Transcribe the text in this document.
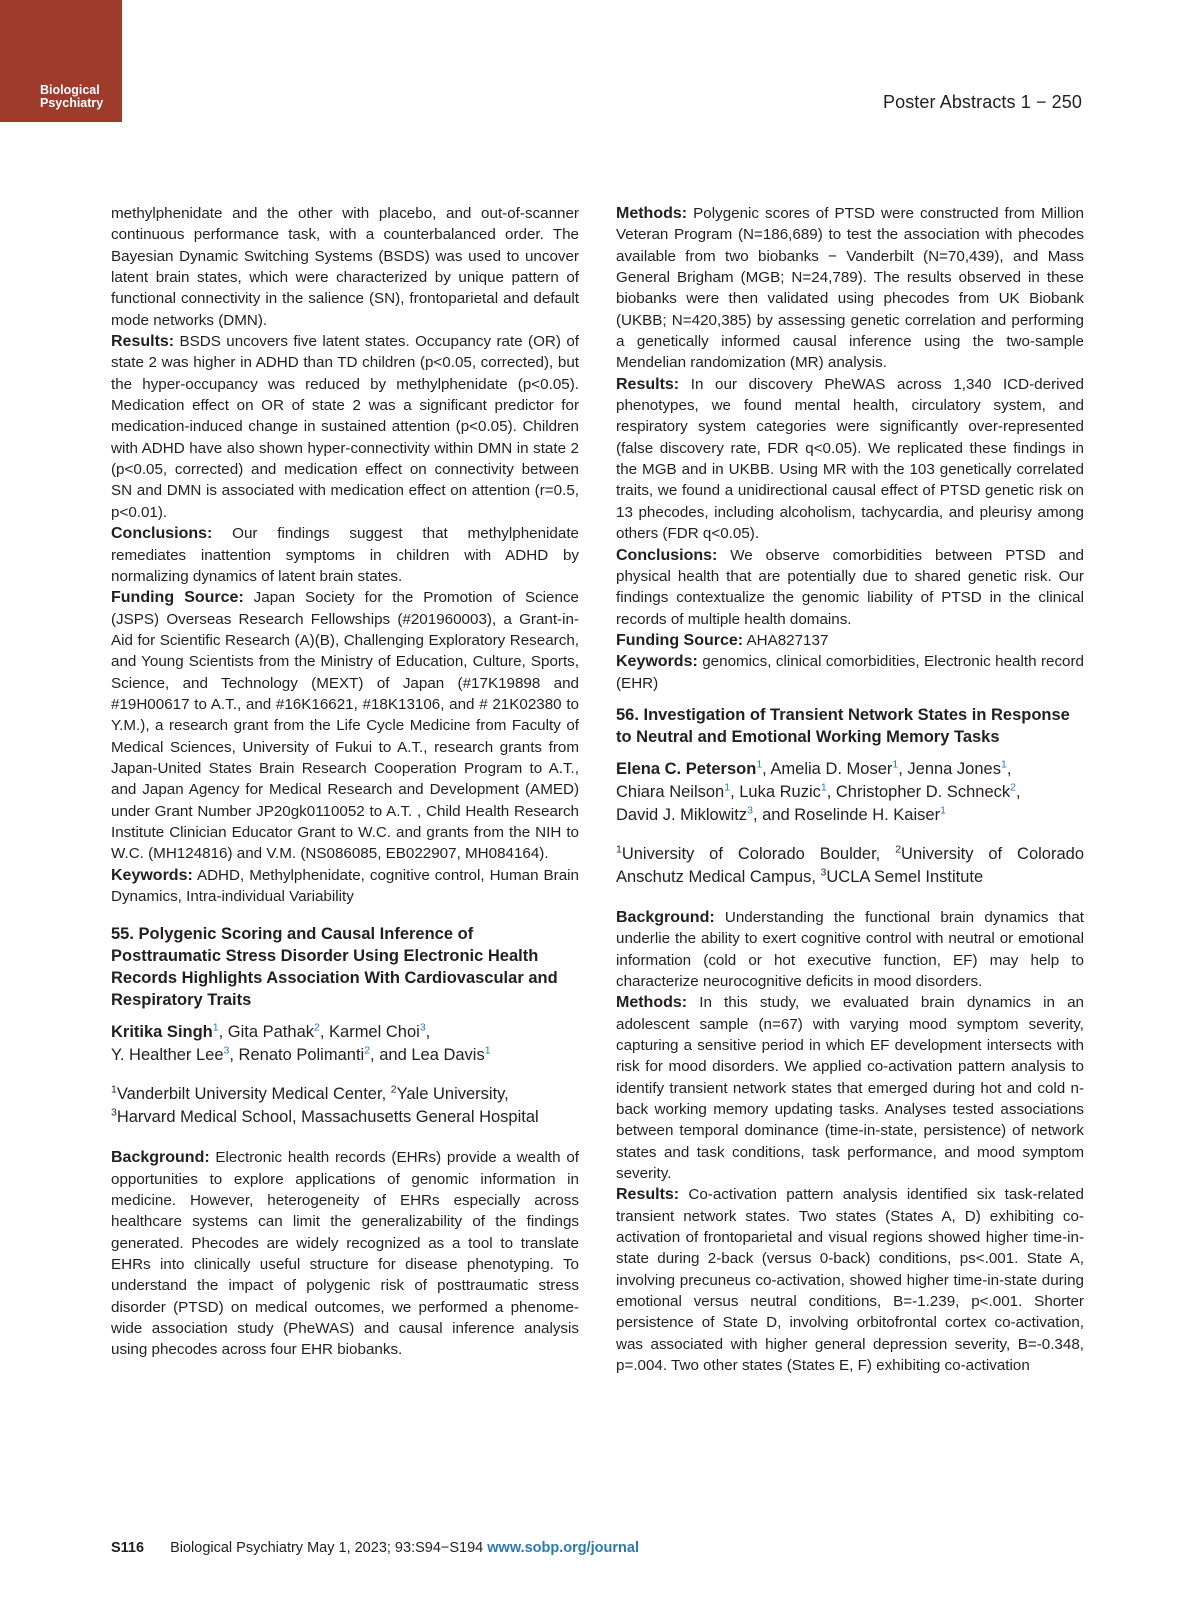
Biological
Psychiatry	Poster Abstracts 1 − 250

methylphenidate and the other with placebo, and out-of-scanner continuous performance task, with a counterbalanced order. The Bayesian Dynamic Switching Systems (BSDS) was used to uncover latent brain states, which were characterized by unique pattern of functional connectivity in the salience (SN), frontoparietal and default mode networks (DMN).

Results: BSDS uncovers five latent states. Occupancy rate (OR) of state 2 was higher in ADHD than TD children (p<0.05, corrected), but the hyper-occupancy was reduced by methylphenidate (p<0.05). Medication effect on OR of state 2 was a significant predictor for medication-induced change in sustained attention (p<0.05). Children with ADHD have also shown hyper-connectivity within DMN in state 2 (p<0.05, corrected) and medication effect on connectivity between SN and DMN is associated with medication effect on attention (r=0.5, p<0.01).

Conclusions: Our findings suggest that methylphenidate remediates inattention symptoms in children with ADHD by normalizing dynamics of latent brain states.

Funding Source: Japan Society for the Promotion of Science (JSPS) Overseas Research Fellowships (#201960003), a Grant-in-Aid for Scientific Research (A)(B), Challenging Exploratory Research, and Young Scientists from the Ministry of Education, Culture, Sports, Science, and Technology (MEXT) of Japan (#17K19898 and #19H00617 to A.T., and #16K16621, #18K13106, and # 21K02380 to Y.M.), a research grant from the Life Cycle Medicine from Faculty of Medical Sciences, University of Fukui to A.T., research grants from Japan-United States Brain Research Cooperation Program to A.T., and Japan Agency for Medical Research and Development (AMED) under Grant Number JP20gk0110052 to A.T. , Child Health Research Institute Clinician Educator Grant to W.C. and grants from the NIH to W.C. (MH124816) and V.M. (NS086085, EB022907, MH084164).

Keywords: ADHD, Methylphenidate, cognitive control, Human Brain Dynamics, Intra-individual Variability

55. Polygenic Scoring and Causal Inference of Posttraumatic Stress Disorder Using Electronic Health Records Highlights Association With Cardiovascular and Respiratory Traits
Kritika Singh$^1$, Gita Pathak$^2$, Karmel Choi$^3$,
Y. Healther Lee$^3$, Renato Polimanti$^2$, and Lea Davis$^1$
$^1$Vanderbilt University Medical Center, $^2$Yale University,
$^3$Harvard Medical School, Massachusetts General Hospital

Background: Electronic health records (EHRs) provide a wealth of opportunities to explore applications of genomic information in medicine. However, heterogeneity of EHRs especially across healthcare systems can limit the generalizability of the findings generated. Phecodes are widely recognized as a tool to translate EHRs into clinically useful structure for disease phenotyping. To understand the impact of polygenic risk of posttraumatic stress disorder (PTSD) on medical outcomes, we performed a phenome-wide association study (PheWAS) and causal inference analysis using phecodes across four EHR biobanks.

Methods: Polygenic scores of PTSD were constructed from Million Veteran Program (N=186,689) to test the association with phecodes available from two biobanks − Vanderbilt (N=70,439), and Mass General Brigham (MGB; N=24,789). The results observed in these biobanks were then validated using phecodes from UK Biobank (UKBB; N=420,385) by assessing genetic correlation and performing a genetically informed causal inference using the two-sample Mendelian randomization (MR) analysis.

Results: In our discovery PheWAS across 1,340 ICD-derived phenotypes, we found mental health, circulatory system, and respiratory system categories were significantly over-represented (false discovery rate, FDR q<0.05). We replicated these findings in the MGB and in UKBB. Using MR with the 103 genetically correlated traits, we found a unidirectional causal effect of PTSD genetic risk on 13 phecodes, including alcoholism, tachycardia, and pleurisy among others (FDR q<0.05).

Conclusions: We observe comorbidities between PTSD and physical health that are potentially due to shared genetic risk. Our findings contextualize the genomic liability of PTSD in the clinical records of multiple health domains.

Funding Source: AHA827137

Keywords: genomics, clinical comorbidities, Electronic health record (EHR)

56. Investigation of Transient Network States in Response to Neutral and Emotional Working Memory Tasks
Elena C. Peterson$^1$, Amelia D. Moser$^1$, Jenna Jones$^1$,
Chiara Neilson$^1$, Luka Ruzic$^1$, Christopher D. Schneck$^2$,
David J. Miklowitz$^3$, and Roselinde H. Kaiser$^1$
$^1$University of Colorado Boulder, $^2$University of Colorado Anschutz Medical Campus, $^3$UCLA Semel Institute

Background: Understanding the functional brain dynamics that underlie the ability to exert cognitive control with neutral or emotional information (cold or hot executive function, EF) may help to characterize neurocognitive deficits in mood disorders.

Methods: In this study, we evaluated brain dynamics in an adolescent sample (n=67) with varying mood symptom severity, capturing a sensitive period in which EF development intersects with risk for mood disorders. We applied co-activation pattern analysis to identify transient network states that emerged during hot and cold n-back working memory updating tasks. Analyses tested associations between temporal dominance (time-in-state, persistence) of network states and task conditions, task performance, and mood symptom severity.

Results: Co-activation pattern analysis identified six task-related transient network states. Two states (States A, D) exhibiting co-activation of frontoparietal and visual regions showed higher time-in-state during 2-back (versus 0-back) conditions, ps<.001. State A, involving precuneus co-activation, showed higher time-in-state during emotional versus neutral conditions, B=-1.239, p<.001. Shorter persistence of State D, involving orbitofrontal cortex co-activation, was associated with higher general depression severity, B=-0.348, p=.004. Two other states (States E, F) exhibiting co-activation

S116 Biological Psychiatry May 1, 2023; 93:S94−S194 www.sobp.org/journal
